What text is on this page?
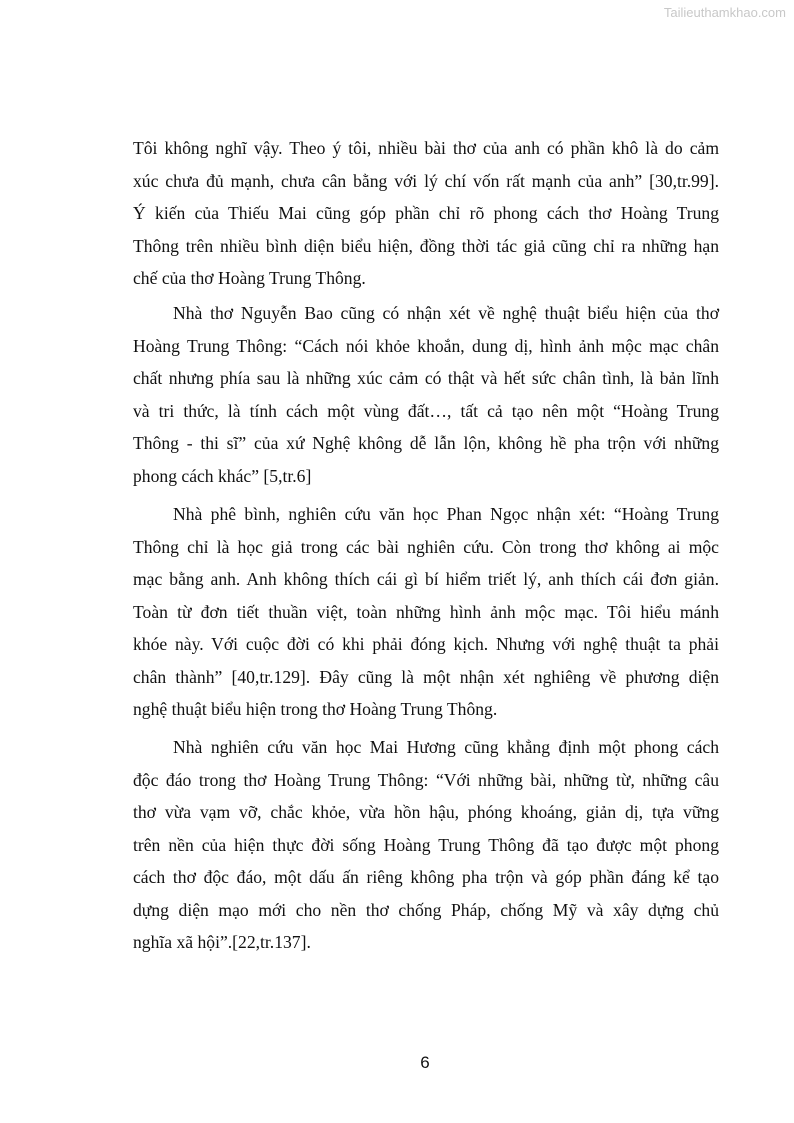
Tailieuthamkhao.com
Tôi không nghĩ vậy. Theo ý tôi, nhiều bài thơ của anh có phần khô là do cảm
xúc chưa đủ mạnh, chưa cân bằng với lý chí vốn rất mạnh của anh” [30,tr.99].
Ý kiến của Thiếu Mai cũng góp phần chỉ rõ phong cách thơ Hoàng Trung
Thông trên nhiều bình diện biểu hiện, đồng thời tác giả cũng chỉ ra những hạn
chế của thơ Hoàng Trung Thông.
Nhà thơ Nguyễn Bao cũng có nhận xét về nghệ thuật biểu hiện của thơ
Hoàng Trung Thông: “Cách nói khỏe khoắn, dung dị, hình ảnh mộc mạc chân
chất nhưng phía sau là những xúc cảm có thật và hết sức chân tình, là bản lĩnh
và tri thức, là tính cách một vùng đất…, tất cả tạo nên một “Hoàng Trung
Thông - thi sĩ” của xứ Nghệ không dễ lẫn lộn, không hề pha trộn với những
phong cách khác” [5,tr.6]
Nhà phê bình, nghiên cứu văn học Phan Ngọc nhận xét: “Hoàng Trung
Thông chỉ là học giả trong các bài nghiên cứu. Còn trong thơ không ai mộc
mạc bằng anh. Anh không thích cái gì bí hiểm triết lý, anh thích cái đơn giản.
Toàn từ đơn tiết thuần việt, toàn những hình ảnh mộc mạc. Tôi hiểu mánh
khóe này. Với cuộc đời có khi phải đóng kịch. Nhưng với nghệ thuật ta phải
chân thành” [40,tr.129]. Đây cũng là một nhận xét nghiêng về phương diện
nghệ thuật biểu hiện trong thơ Hoàng Trung Thông.
Nhà nghiên cứu văn học Mai Hương cũng khẳng định một phong cách
độc đáo trong thơ Hoàng Trung Thông: “Với những bài, những từ, những câu
thơ vừa vạm vỡ, chắc khỏe, vừa hồn hậu, phóng khoáng, giản dị, tựa vững
trên nền của hiện thực đời sống Hoàng Trung Thông đã tạo được một phong
cách thơ độc đáo, một dấu ấn riêng không pha trộn và góp phần đáng kể tạo
dựng diện mạo mới cho nền thơ chống Pháp, chống Mỹ và xây dựng chủ
nghĩa xã hội”.[22,tr.137].
6
